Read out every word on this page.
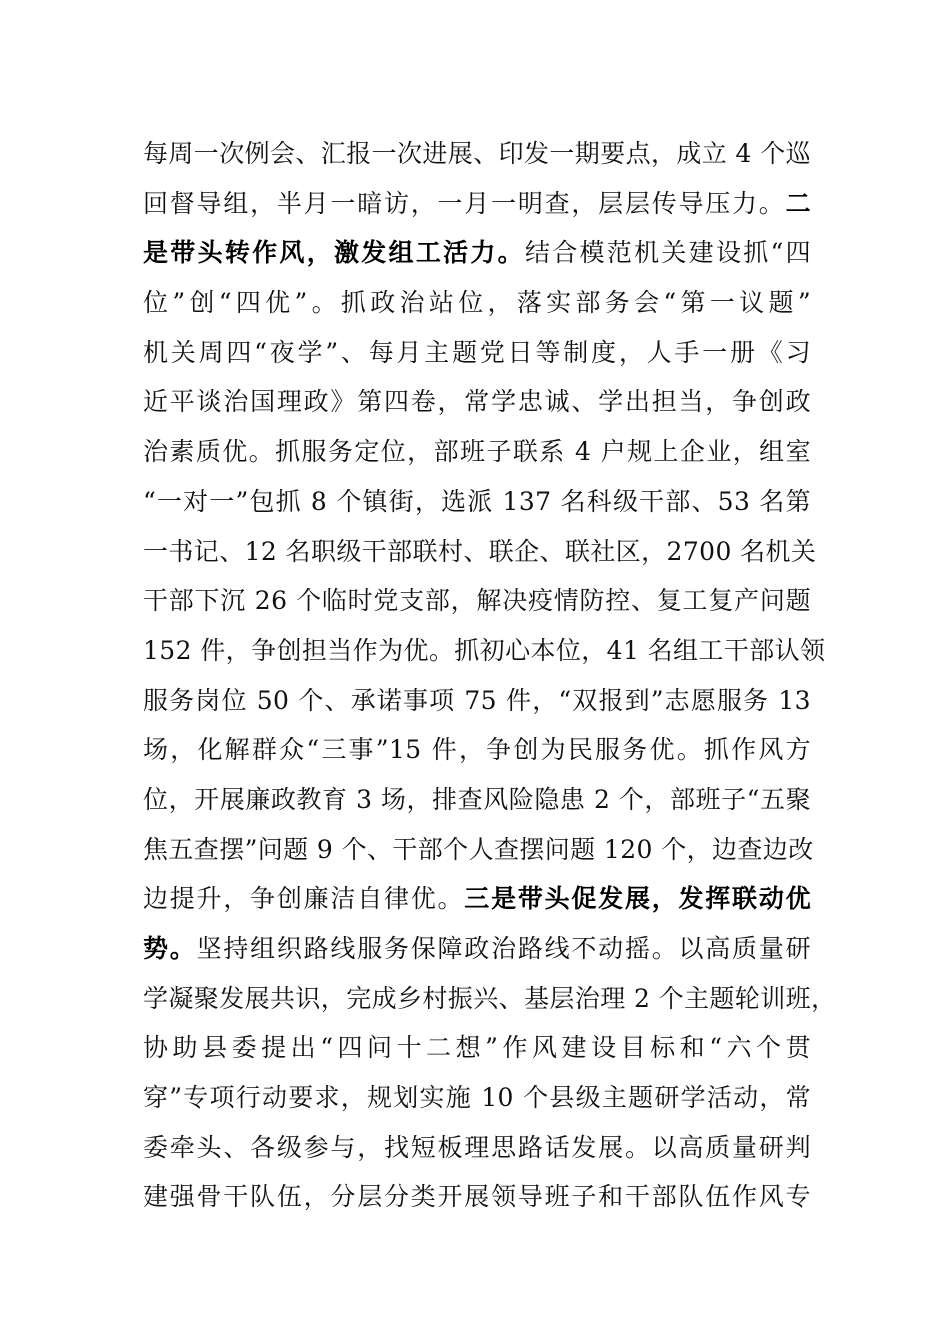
每周一次例会、汇报一次进展、印发一期要点，成立 4 个巡
回督导组，半月一暗访，一月一明查，层层传导压力。二
是带头转作风，激发组工活力。结合模范机关建设抓“四
位”创“四优”。抓政治站位，落实部务会“第一议题”
机关周四“夜学”、每月主题党日等制度，人手一册《习
近平谈治国理政》第四卷，常学忠诚、学出担当，争创政
治素质优。抓服务定位，部班子联系 4 户规上企业，组室
“一对一”包抓 8 个镇街，选派 137 名科级干部、53 名第
一书记、12 名职级干部联村、联企、联社区，2700 名机关
干部下沉 26 个临时党支部，解决疫情防控、复工复产问题
152 件，争创担当作为优。抓初心本位，41 名组工干部认领
服务岗位 50 个、承诺事项 75 件，“双报到”志愿服务 13
场，化解群众“三事”15 件，争创为民服务优。抓作风方
位，开展廉政教育 3 场，排查风险隐患 2 个，部班子“五聚
焦五查摆”问题 9 个、干部个人查摆问题 120 个，边查边改
边提升，争创廉洁自律优。三是带头促发展，发挥联动优
势。坚持组织路线服务保障政治路线不动摇。以高质量研
学凝聚发展共识，完成乡村振兴、基层治理 2 个主题轮训班，
协助县委提出“四问十二想”作风建设目标和“六个贯
穿”专项行动要求，规划实施 10 个县级主题研学活动，常
委牵头、各级参与，找短板理思路话发展。以高质量研判
建强骨干队伍，分层分类开展领导班子和干部队伍作风专
